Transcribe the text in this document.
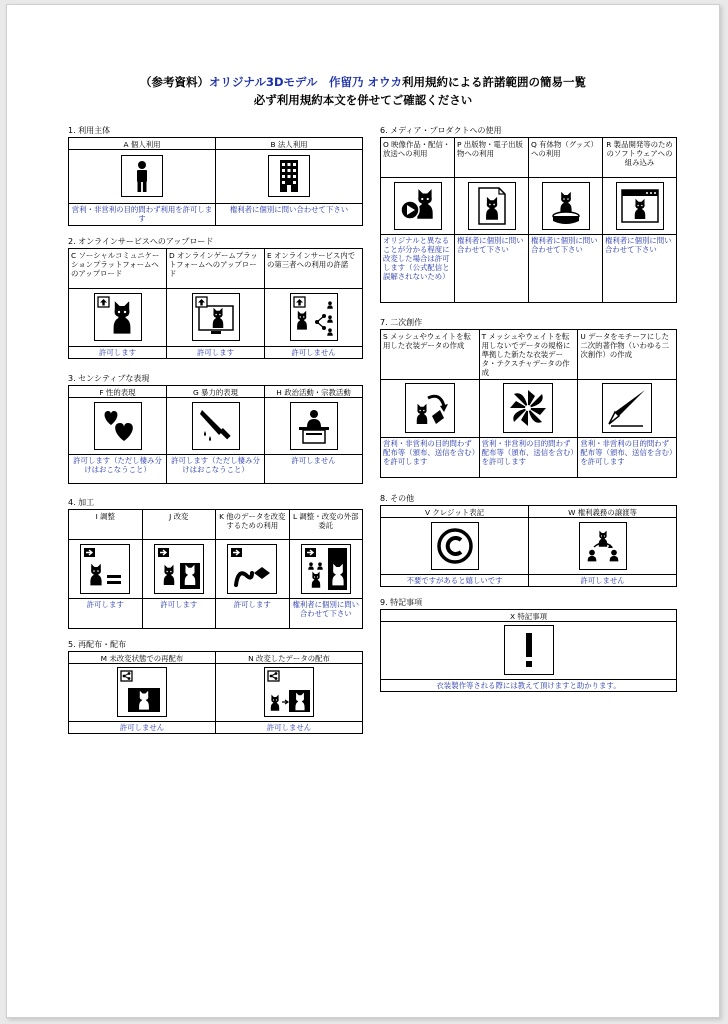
（参考資料）オリジナル3Dモデル　作留乃 オウカ利用規約による許諾範囲の簡易一覧
必ず利用規約本文を併せてご確認ください
1. 利用主体
A 個人利用	B 法人利用

営利・非営利の目的問わず利用を許可します	権利者に個別に問い合わせて下さい
2. オンラインサービスへのアップロード
C ソーシャルコミュニケーションプラットフォームへのアップロード	D オンラインゲームプラットフォームへのアップロード	E オンラインサービス内での第三者への利用の許諾

許可します	許可します	許可しません
3. センシティブな表現
F 性的表現	G 暴力的表現	H 政治活動・宗教活動

許可します（ただし棲み分けはおこなうこと）	許可します（ただし棲み分けはおこなうこと）	許可しません
4. 加工
I 調整	J 改変	K 他のデータを改変するための利用	L 調整・改変の外部委託

許可します	許可します	許可します	権利者に個別に問い合わせて下さい
5. 再配布・配布
M 未改変状態での再配布	N 改変したデータの配布

許可しません	許可しません
6. メディア・プロダクトへの使用
O 映像作品・配信・放送への利用	P 出版物・電子出版物への利用	Q 有体物（グッズ）への利用	R 製品開発等のためのソフトウェアへの組み込み

オリジナルと異なることが分かる程度に改変した場合は許可します（公式配信と誤解されないため）	権利者に個別に問い合わせて下さい	権利者に個別に問い合わせて下さい	権利者に個別に問い合わせて下さい
7. 二次創作
S メッシュやウェイトを転用した衣装データの作成	T メッシュやウェイトを転用しないでデータの規格に準拠した新たな衣装データ・テクスチャデータの作成	U データをモチーフにした二次的著作物（いわゆる二次創作）の作成

営利・非営利の目的問わず配布等（頒布、送信を含む）を許可します	営利・非営利の目的問わず配布等（頒布、送信を含む）を許可します	営利・非営利の目的問わず配布等（頒布、送信を含む）を許可します
8. その他
V クレジット表記	W 権利義務の譲渡等

不要ですがあると嬉しいです	許可しません
9. 特記事項
X 特記事項

衣装製作等される際には教えて頂けますと助かります。
